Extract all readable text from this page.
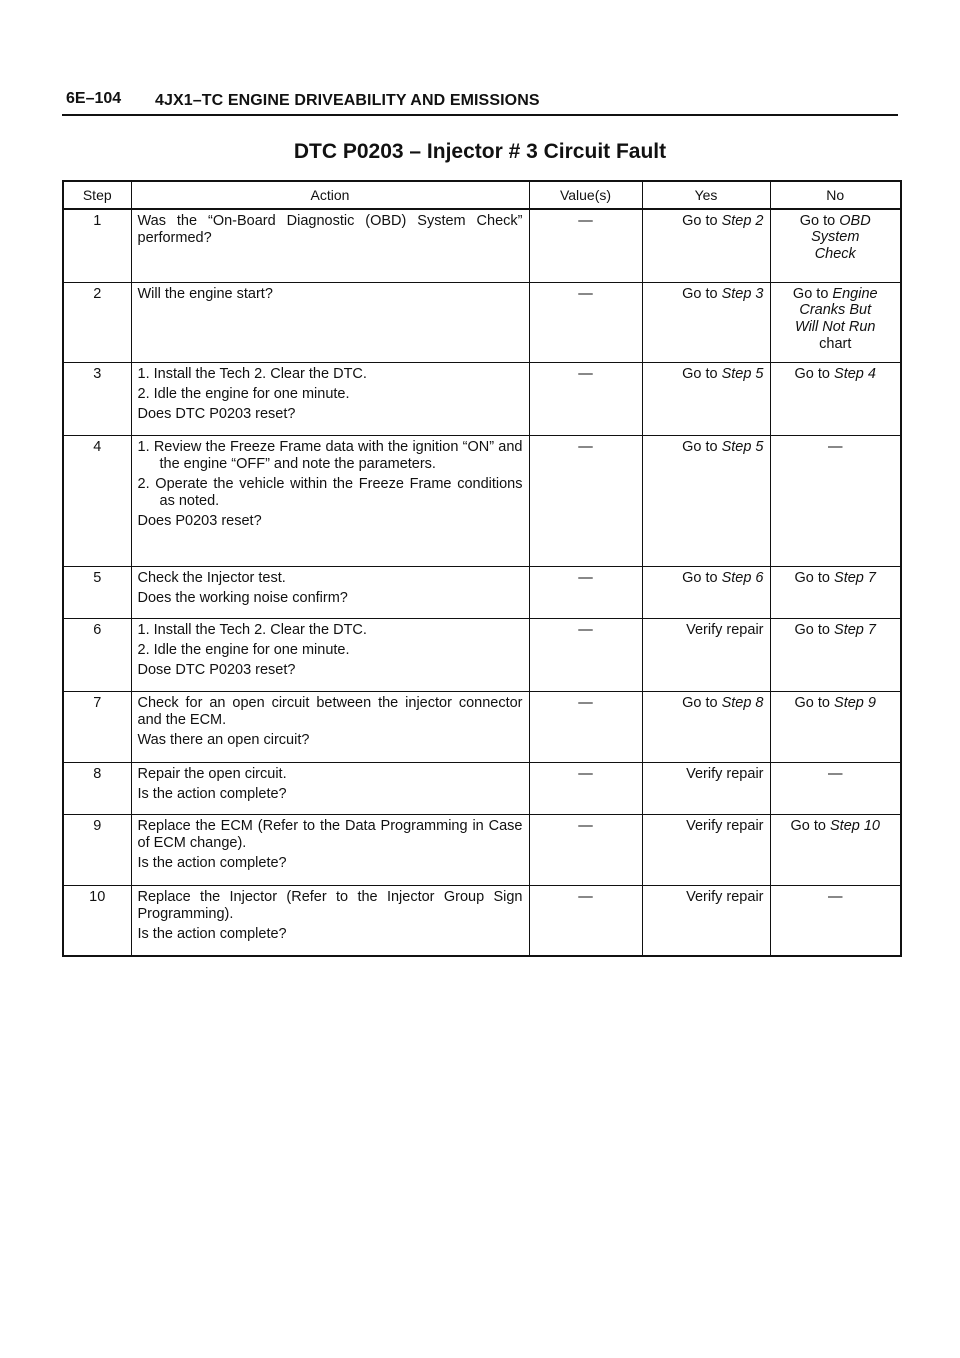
6E–104 4JX1–TC ENGINE DRIVEABILITY AND EMISSIONS
DTC P0203 – Injector # 3 Circuit Fault
Step	Action	Value(s)	Yes	No
1	Was the “On-Board Diagnostic (OBD) System Check” performed?	—	Go to Step 2	Go to OBD
System
Check

2	Will the engine start?	—	Go to Step 3	Go to Engine
Cranks But
Will Not Run
chart

3	1. Install the Tech 2. Clear the DTC.
2. Idle the engine for one minute.
Does DTC P0203 reset?	—	Go to Step 5	Go to Step 4
4	1. Review the Freeze Frame data with the ignition “ON” and the engine “OFF” and note the parameters.
2. Operate the vehicle within the Freeze Frame conditions as noted.
Does P0203 reset?	—	Go to Step 5	—
5	Check the Injector test.
Does the working noise confirm?	—	Go to Step 6	Go to Step 7
6	1. Install the Tech 2. Clear the DTC.
2. Idle the engine for one minute.
Dose DTC P0203 reset?	—	Verify repair	Go to Step 7
7	Check for an open circuit between the injector connector and the ECM.
Was there an open circuit?	—	Go to Step 8	Go to Step 9
8	Repair the open circuit.
Is the action complete?	—	Verify repair	—
9	Replace the ECM (Refer to the Data Programming in Case of ECM change).
Is the action complete?	—	Verify repair	Go to Step 10
10	Replace the Injector (Refer to the Injector Group Sign Programming).
Is the action complete?	—	Verify repair	—
